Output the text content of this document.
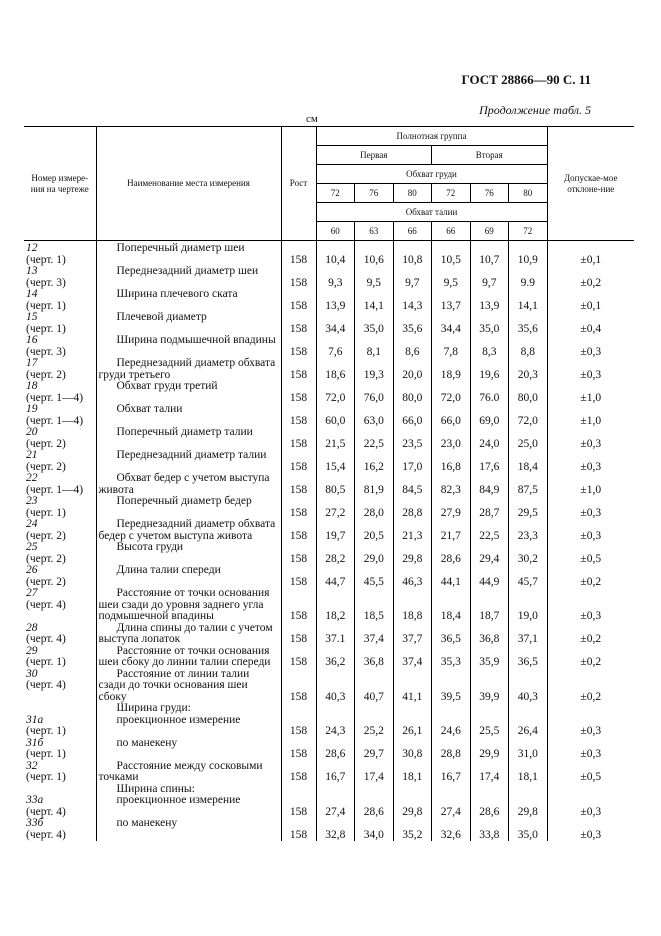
ГОСТ 28866—90 С. 11
Продолжение табл. 5
см
Номер измере-ния на чертеже	Наименование места измерения	Рост	Полнотная группа						Допускае-мое отклоне-ние
			Первая			Вторая			
			Обхват груди						
			72	76	80	72	76	80	
			Обхват талии						
			60	63	66	66	69	72	
12
(черт. 1)	Поперечный диаметр шеи	158	10,4	10,6	10,8	10,5	10,7	10,9	±0,1
13
(черт. 3)	Переднезадний диаметр шеи	158	9,3	9,5	9,7	9,5	9,7	9.9	±0,2
14
(черт. 1)	Ширина плечевого ската	158	13,9	14,1	14,3	13,7	13,9	14,1	±0,1
15
(черт. 1)	Плечевой диаметр	158	34,4	35,0	35,6	34,4	35,0	35,6	±0,4
16
(черт. 3)	Ширина подмышечной впадины	158	7,6	8,1	8,6	7,8	8,3	8,8	±0,3
17
(черт. 2)	Переднезадний диаметр обхвата груди третьего	158	18,6	19,3	20,0	18,9	19,6	20,3	±0,3
18
(черт. 1—4)	Обхват груди третий	158	72,0	76,0	80,0	72,0	76.0	80,0	±1,0
19
(черт. 1—4)	Обхват талии	158	60,0	63,0	66,0	66,0	69,0	72,0	±1,0
20
(черт. 2)	Поперечный диаметр талии	158	21,5	22,5	23,5	23,0	24,0	25,0	±0,3
21
(черт. 2)	Переднезадний диаметр талии	158	15,4	16,2	17,0	16,8	17,6	18,4	±0,3
22
(черт. 1—4)	Обхват бедер с учетом выступа живота	158	80,5	81,9	84,5	82,3	84,9	87,5	±1,0
23
(черт. 1)	Поперечный диаметр бедер	158	27,2	28,0	28,8	27,9	28,7	29,5	±0,3
24
(черт. 2)	Переднезадний диаметр обхвата бедер с учетом выступа живота	158	19,7	20,5	21,3	21,7	22,5	23,3	±0,3
25
(черт. 2)	Высота груди	158	28,2	29,0	29,8	28,6	29,4	30,2	±0,5
26
(черт. 2)	Длина талии спереди	158	44,7	45,5	46,3	44,1	44,9	45,7	±0,2
27
(черт. 4)	Расстояние от точки основания шеи сзади до уровня заднего угла подмышечной впадины	158	18,2	18,5	18,8	18,4	18,7	19,0	±0,3
28
(черт. 4)	Длина спины до талии с учетом выступа лопаток	158	37.1	37,4	37,7	36,5	36,8	37,1	±0,2
29
(черт. 1)	Расстояние от точки основания шеи сбоку до линии талии спереди	158	36,2	36,8	37,4	35,3	35,9	36,5	±0,2
30
(черт. 4)	Расстояние от линии талии сзади до точки основания шеи сбоку	158	40,3	40,7	41,1	39,5	39,9	40,3	±0,2

	Ширина груди:								

31а
(черт. 1)	проекционное измерение	158	24,3	25,2	26,1	24,6	25,5	26,4	±0,3
31б
(черт. 1)	по манекену	158	28,6	29,7	30,8	28,8	29,9	31,0	±0,3
32
(черт. 1)	Расстояние между сосковыми точками	158	16,7	17,4	18,1	16,7	17,4	18,1	±0,5

	Ширина спины:								

33а
(черт. 4)	проекционное измерение	158	27,4	28,6	29,8	27,4	28,6	29,8	±0,3
33б
(черт. 4)	по манекену	158	32,8	34,0	35,2	32,6	33,8	35,0	±0,3
